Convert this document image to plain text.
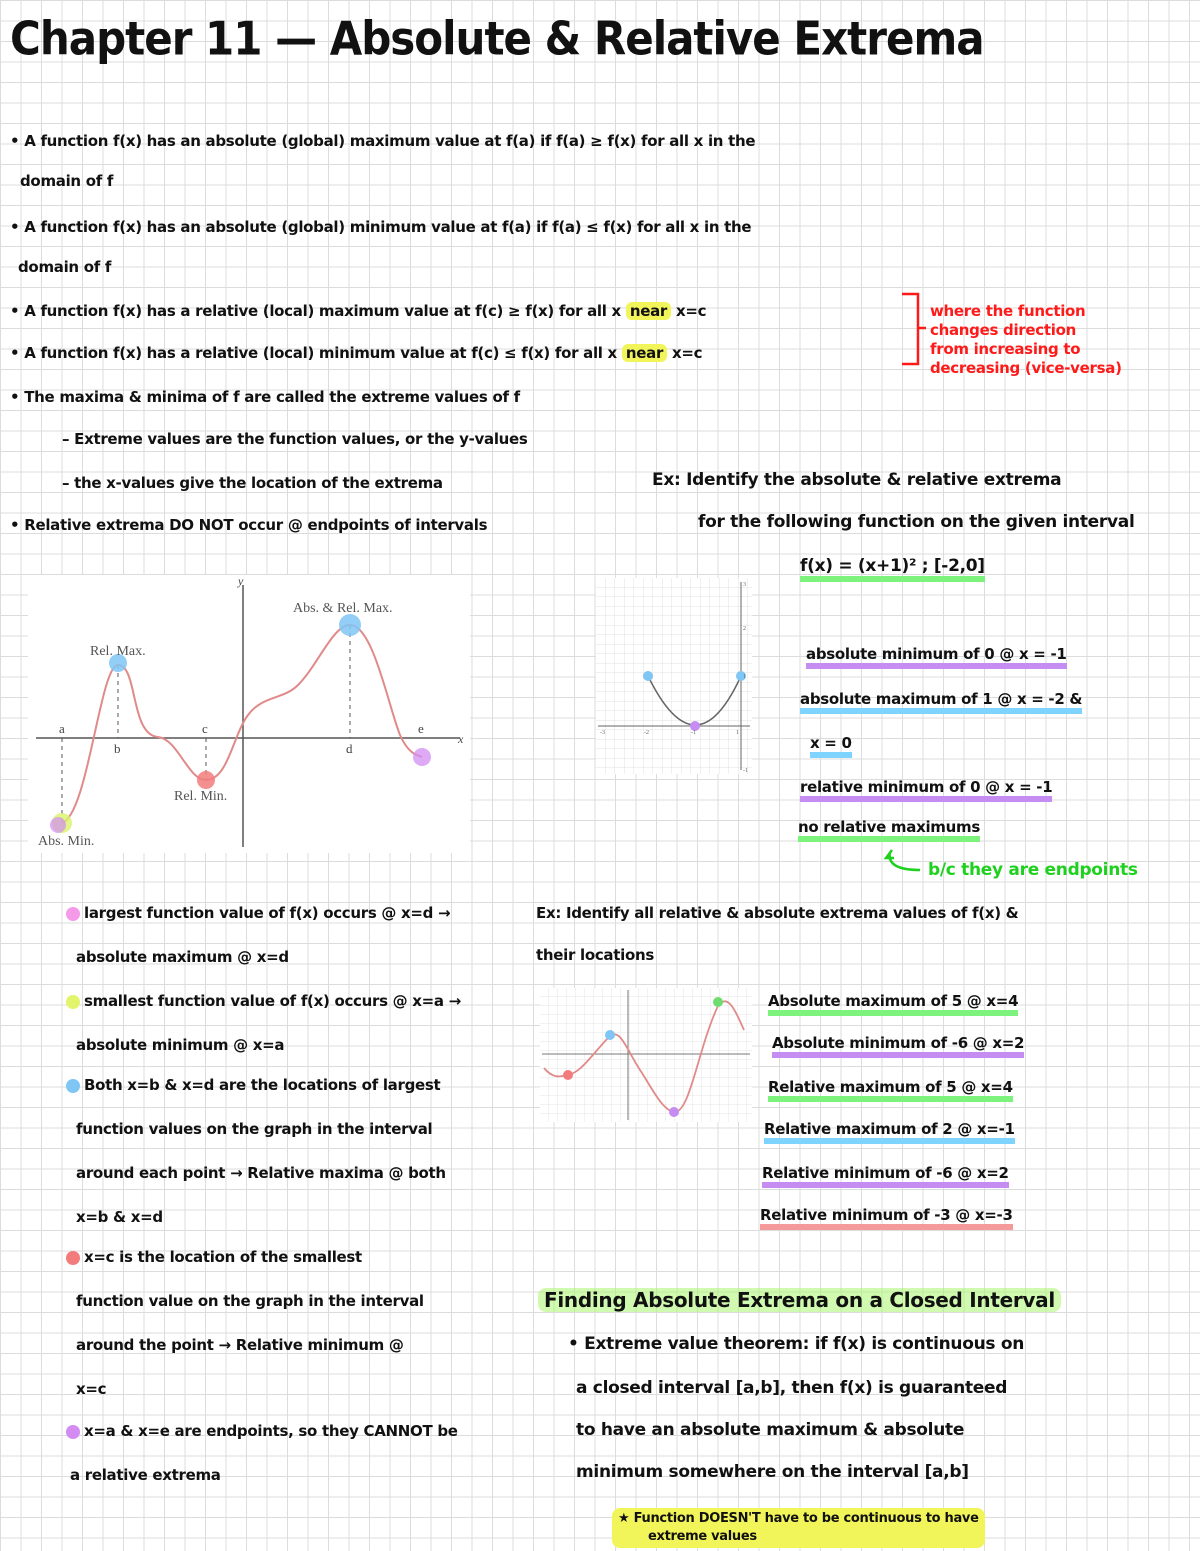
Chapter 11 — Absolute & Relative Extrema
• A function f(x) has an absolute (global) maximum value at f(a) if f(a) ≥ f(x) for all x in the
domain of f
• A function f(x) has an absolute (global) minimum value at f(a) if f(a) ≤ f(x) for all x in the
domain of f
• A function f(x) has a relative (local) maximum value at f(c) ≥ f(x) for all x near x=c
• A function f(x) has a relative (local) minimum value at f(c) ≤ f(x) for all x near x=c
where the function
changes direction
from increasing to
decreasing (vice-versa)
• The maxima & minima of f are called the extreme values of f
– Extreme values are the function values, or the y-values
– the x-values give the location of the extrema
• Relative extrema DO NOT occur @ endpoints of intervals
y
x
Abs. & Rel. Max.
Rel. Max.
Rel. Min.
Abs. Min.
a
b
c
d
e	-3	-2	-1	1
3
2
1
-1
Ex: Identify the absolute & relative extrema
for the following function on the given interval
f(x) = (x+1)² ; [-2,0]
absolute minimum of 0 @ x = -1
absolute maximum of 1 @ x = -2 &
x = 0
relative minimum of 0 @ x = -1
no relative maximums
b/c they are endpoints
largest function value of f(x) occurs @ x=d →
absolute maximum @ x=d
smallest function value of f(x) occurs @ x=a →
absolute minimum @ x=a
Both x=b & x=d are the locations of largest
function values on the graph in the interval
around each point → Relative maxima @ both
x=b & x=d
x=c is the location of the smallest
function value on the graph in the interval
around the point → Relative minimum @
x=c
x=a & x=e are endpoints, so they CANNOT be
a relative extrema
Ex: Identify all relative & absolute extrema values of f(x) &
their locations
Absolute maximum of 5 @ x=4
Absolute minimum of -6 @ x=2
Relative maximum of 5 @ x=4
Relative maximum of 2 @ x=-1
Relative minimum of -6 @ x=2
Relative minimum of -3 @ x=-3
Finding Absolute Extrema on a Closed Interval
• Extreme value theorem: if f(x) is continuous on
a closed interval [a,b], then f(x) is guaranteed
to have an absolute maximum & absolute
minimum somewhere on the interval [a,b]
★ Function DOESN'T have to be continuous to have
extreme values
